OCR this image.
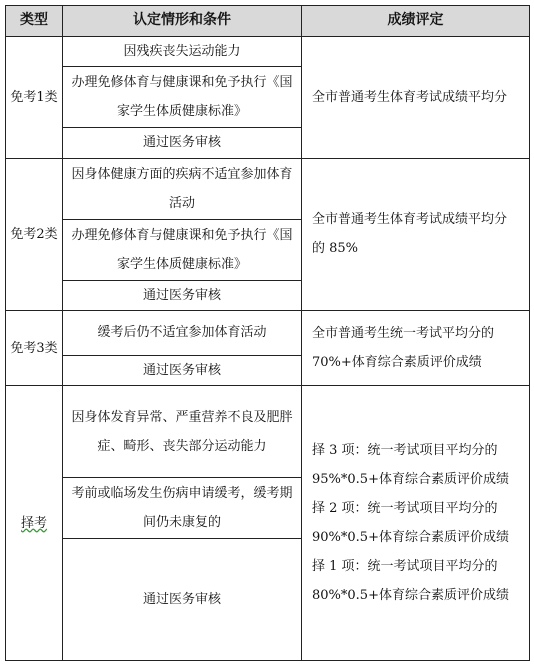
类型	认定情形和条件	成绩评定
免考1类	因残疾丧失运动能力	全市普通考生体育考试成绩平均分
	办理免修体育与健康课和免予执行《国家学生体质健康标准》	
	通过医务审核	
免考2类	因身体健康方面的疾病不适宜参加体育活动	全市普通考生体育考试成绩平均分的 85%
	办理免修体育与健康课和免予执行《国家学生体质健康标准》	
	通过医务审核	
免考3类	缓考后仍不适宜参加体育活动	全市普通考生统一考试平均分的 70%+体育综合素质评价成绩
	通过医务审核	
择考	因身体发育异常、严重营养不良及肥胖症、畸形、丧失部分运动能力	择 3 项：统一考试项目平均分的 95%*0.5+体育综合素质评价成绩择 2 项：统一考试项目平均分的 90%*0.5+体育综合素质评价成绩择 1 项：统一考试项目平均分的 80%*0.5+体育综合素质评价成绩
	考前或临场发生伤病申请缓考，缓考期间仍未康复的	
	通过医务审核	
